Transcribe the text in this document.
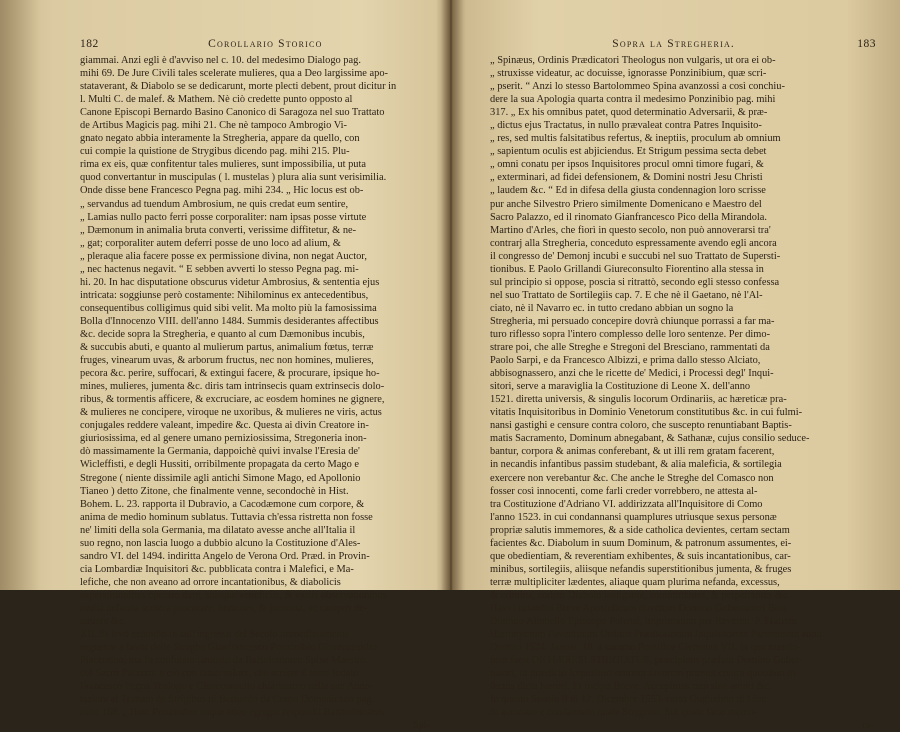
182	Corollario Storico
giammai. Anzi egli è d'avviso nel c. 10. del medesimo Dialogo pag.
mihi 69. De Jure Civili tales scelerate mulieres, qua a Deo largissime apo-
stataverant, & Diabolo se se dedicarunt, morte plecti debent, prout dicitur in
l. Multi C. de malef. & Mathem. Nè ciò credette punto opposto al
Canone Episcopi Bernardo Basino Canonico di Saragoza nel suo Trattato
de Artibus Magicis pag. mihi 21. Che nè tampoco Ambrogio Vi-
gnato negato abbia interamente la Stregheria, appare da quello, con
cui compie la quistione de Strygibus dicendo pag. mihi 215. Plu-
rima ex eis, quæ confitentur tales mulieres, sunt impossibilia, ut puta
quod convertantur in muscipulas ( l. mustelas ) plura alia sunt verisimilia.
Onde disse bene Francesco Pegna pag. mihi 234. „ Hic locus est ob-
„ servandus ad tuendum Ambrosium, ne quis credat eum sentire,
„ Lamias nullo pacto ferri posse corporaliter: nam ipsas posse virtute
„ Dæmonum in animalia bruta converti, verissime diffitetur, & ne-
„ gat; corporaliter autem deferri posse de uno loco ad alium, &
„ pleraque alia facere posse ex permissione divina, non negat Auctor,
„ nec hactenus negavit. “ E sebben avverti lo stesso Pegna pag. mi-
hi. 20. In hac disputatione obscurus videtur Ambrosius, & sententia ejus
intricata: soggiunse però costamente: Nihilominus ex antecedentibus,
consequentibus colligimus quid sibi velit. Ma molto più la famosissima
Bolla d'Innocenzo VIII. dell'anno 1484. Summis desiderantes affectibus
&c. decide sopra la Stregheria, e quanto al cum Dæmonibus incubis,
& succubis abuti, e quanto al mulierum partus, animalium fœtus, terræ
fruges, vinearum uvas, & arborum fructus, nec non homines, mulieres,
pecora &c. perire, suffocari, & extingui facere, & procurare, ipsique ho-
mines, mulieres, jumenta &c. diris tam intrinsecis quam extrinsecis dolo-
ribus, & tormentis afficere, & excruciare, ac eosdem homines ne gignere,
& mulieres ne concipere, viroque ne uxoribus, & mulieres ne viris, actus
conjugales reddere valeant, impedire &c. Questa ai divin Creatore in-
giuriosissima, ed al genere umano perniziosissima, Stregoneria inon-
dò massimamente la Germania, dappoichè quivi invalse l'Eresia de'
Wicleffisti, e degli Hussiti, orribilmente propagata da certo Mago e
Stregone ( niente dissimile agli antichi Simone Mago, ed Apollonio
Tianeo ) detto Zitone, che finalmente venne, secondochè in Hist.
Bohem. L. 23. rapporta il Dubravio, a Cacodæmone cum corpore, &
anima de medio hominum sublatus. Tuttavia ch'essa ristretta non fosse
ne' limiti della sola Germania, ma dilatato avesse anche all'Italia il
suo regno, non lascia luogo a dubbio alcuno la Costituzione d'Ales-
sandro VI. del 1494. indiritta Angelo de Verona Ord. Præd. in Provin-
cia Lombardiæ Inquisitori &c. pubblicata contra i Malefici, e Ma-
lefiche, che non aveano ad orrore incantationibus, & diabolicis
superstitionibus operam dare, suisque veneficiis, & variis observationibus
multa nefanda scelera procurare, homines, & jumenta, ac campos de-
struere &c.
XII. Si levò eziandio in sull'ingresso del Secolo immediatamente
seguente a favor delle Streghe Gianfrancesco Ponzinibio Giureconsulto
Piacentino, ma fu confutato tantosto da Bartolommeo Spina Maestro
del Sacro Palazzo: e ciò con tanto valore, che scrisse il tesse lodato
Francesco Pegna Teologo e Giureconsulto chiarissimo nelle sue Anno-
tazioni al Trattato de Strigibus di Bernardo da Como Domenicano pag.
mihi 168. „ Huic Ponzinibio usque adeo egregie respondit Bartholomæus
Spi-
Sopra la Stregheria.	183
„ Spinæus, Ordinis Prædicatori Theologus non vulgaris, ut ora ei ob-
„ struxisse videatur, ac docuisse, ignorasse Ponzinibium, quæ scri-
„ pserit. “ Anzi lo stesso Bartolommeo Spina avanzossi a così conchiu-
dere la sua Apologia quarta contra il medesimo Ponzinibio pag. mihi
317. „ Ex his omnibus patet, quod determinatio Adversarii, & præ-
„ dictus ejus Tractatus, in nullo prævaleat contra Patres Inquisito-
„ res, sed multis falsitatibus refertus, & ineptiis, proculum ab omnium
„ sapientum oculis est abjiciendus. Et Strigum pessima secta debet
„ omni conatu per ipsos Inquisitores procul omni timore fugari, &
„ exterminari, ad fidei defensionem, & Domini nostri Jesu Christi
„ laudem &c. “ Ed in difesa della giusta condennagion loro scrisse
pur anche Silvestro Priero similmente Domenicano e Maestro del
Sacro Palazzo, ed il rinomato Gianfrancesco Pico della Mirandola.
Martino d'Arles, che fiorì in questo secolo, non può annoverarsi tra'
contrarj alla Stregheria, conceduto espressamente avendo egli ancora
il congresso de' Demonj incubi e succubi nel suo Trattato de Supersti-
tionibus. E Paolo Grillandi Giureconsulto Fiorentino alla stessa in
sul principio si oppose, poscia si ritrattò, secondo egli stesso confessa
nel suo Trattato de Sortilegiis cap. 7. E che nè il Gaetano, nè l'Al-
ciato, nè il Navarro ec. in tutto credano abbian un sogno la
Stregheria, mi persuado concepire dovrà chiunque porrassi a far ma-
turo riflesso sopra l'intero complesso delle loro sentenze. Per dimo-
strare poi, che alle Streghe e Stregoni del Bresciano, rammentati da
Paolo Sarpi, e da Francesco Albizzi, e prima dallo stesso Alciato,
abbisognassero, anzi che le ricette de' Medici, i Processi degl' Inqui-
sitori, serve a maraviglia la Costituzione di Leone X. dell'anno
1521. diretta universis, & singulis locorum Ordinariis, ac hæreticæ pra-
vitatis Inquisitoribus in Dominio Venetorum constitutibus &c. in cui fulmi-
nansi gastighi e censure contra coloro, che suscepto renuntiabant Baptis-
matis Sacramento, Dominum abnegabant, & Sathanæ, cujus consilio seduce-
bantur, corpora & animas conferebant, & ut illi rem gratam facerent,
in necandis infantibus passim studebant, & alia maleficia, & sortilegia
exercere non verebantur &c. Che anche le Streghe del Comasco non
fosser così innocenti, come farli creder vorrebbero, ne attesta al-
tra Costituzione d'Adriano VI. addirizzata all'Inquisitore di Como
l'anno 1523. in cui condannansi quamplures utriusque sexus personæ
propriæ salutis immemores, & a side catholica devientes, certam sectam
facientes &c. Diabolum in suum Dominum, & patronum assumentes, ei-
que obedientiam, & reverentiam exhibentes, & suis incantationibus, car-
minibus, sortilegiis, aliisque nefandis superstitionibus jumenta, & fruges
terræ multipliciter lædentes, aliaque quam plurima nefanda, excessus,
& crimina, eodem Diabolo instigante, committentes, & perpetrantes &c.
Havvi eziandio Breve Apostolicum directum Domino Gubernatori Bon.
Domino Aliobello Episcopo Polensi, imprimatum per Reveren. P. Fratrem
Hieronymum Faventinum Ordinis Prædicatorum Inquisitorem Parmensem anno
Domini 1524. Januar. 18. a summo Pontifice Clemente VII. in quo mentio-
nem facit DE HÆRESI STRIGIATUS, præcipiens præfato Domino Guber-
natori, ut prædicto Inquisitori omnem favorem præstet contra quosdam in-
fectos dicta hæresi. Et incipit Breve: Accepimus non sine animi &c.
In questo Secolo il di 12. Dicembre 1553. certo Guglielmo di Line
fu accusato e condannato quale Stregone. Sul quale fatto memo-
ra-
